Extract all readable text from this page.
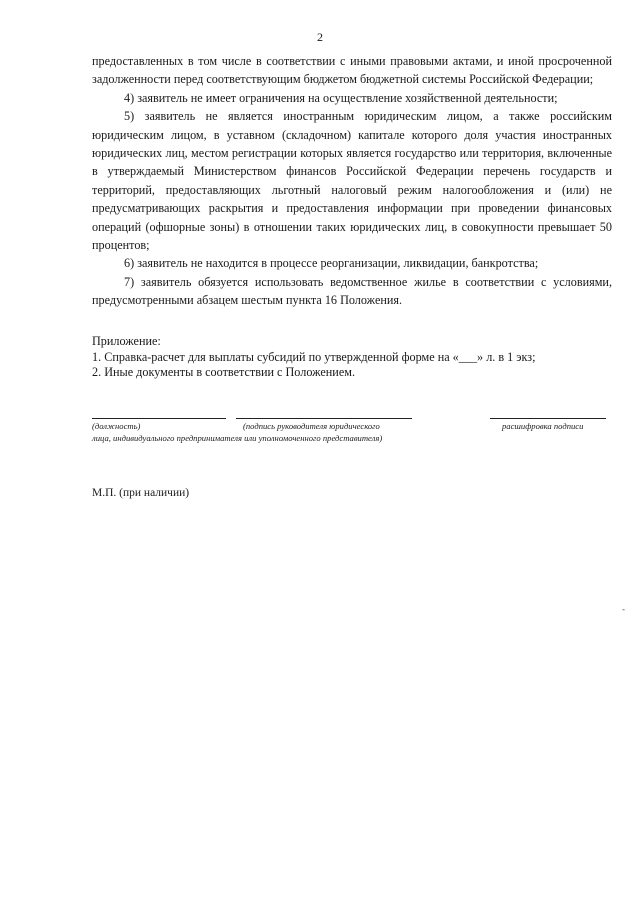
2

предоставленных в том числе в соответствии с иными правовыми актами, и иной просроченной задолженности перед соответствующим бюджетом бюджетной системы Российской Федерации;

4) заявитель не имеет ограничения на осуществление хозяйственной деятельности;

5) заявитель не является иностранным юридическим лицом, а также российским юридическим лицом, в уставном (складочном) капитале которого доля участия иностранных юридических лиц, местом регистрации которых является государство или территория, включенные в утверждаемый Министерством финансов Российской Федерации перечень государств и территорий, предоставляющих льготный налоговый режим налогообложения и (или) не предусматривающих раскрытия и предоставления информации при проведении финансовых операций (офшорные зоны) в отношении таких юридических лиц, в совокупности превышает 50 процентов;

6) заявитель не находится в процессе реорганизации, ликвидации, банкротства;

7) заявитель обязуется использовать ведомственное жилье в соответствии с условиями, предусмотренными абзацем шестым пункта 16 Положения.

Приложение:
1. Справка-расчет для выплаты субсидий по утвержденной форме на «___» л. в 1 экз;
2. Иные документы в соответствии с Положением.
(должность)	(подпись руководителя юридического
лица, индивидуального предпринимателя или уполномоченного представителя)
расшифровка подписи
М.П. (при наличии)
-
